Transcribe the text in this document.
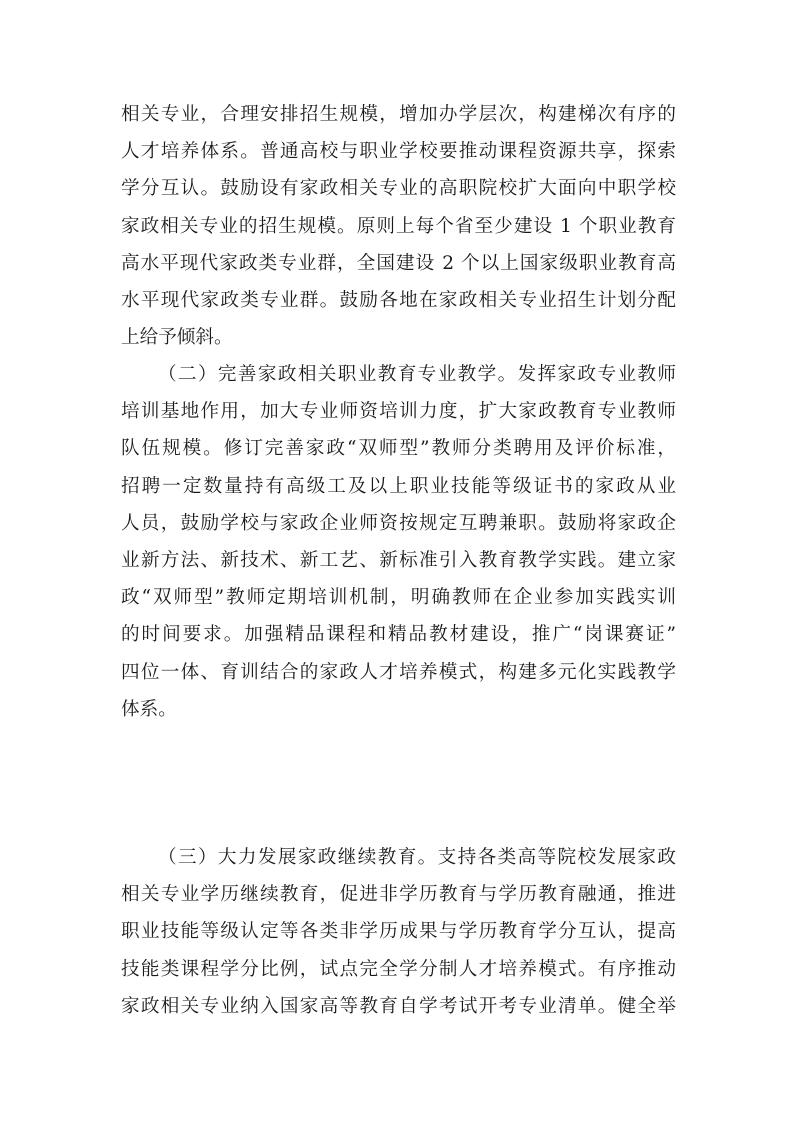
相关专业，合理安排招生规模，增加办学层次，构建梯次有序的
人才培养体系。普通高校与职业学校要推动课程资源共享，探索
学分互认。鼓励设有家政相关专业的高职院校扩大面向中职学校
家政相关专业的招生规模。原则上每个省至少建设 1 个职业教育
高水平现代家政类专业群，全国建设 2 个以上国家级职业教育高
水平现代家政类专业群。鼓励各地在家政相关专业招生计划分配
上给予倾斜。
（二）完善家政相关职业教育专业教学。发挥家政专业教师
培训基地作用，加大专业师资培训力度，扩大家政教育专业教师
队伍规模。修订完善家政“双师型”教师分类聘用及评价标准，
招聘一定数量持有高级工及以上职业技能等级证书的家政从业
人员，鼓励学校与家政企业师资按规定互聘兼职。鼓励将家政企
业新方法、新技术、新工艺、新标准引入教育教学实践。建立家
政“双师型”教师定期培训机制，明确教师在企业参加实践实训
的时间要求。加强精品课程和精品教材建设，推广“岗课赛证”
四位一体、育训结合的家政人才培养模式，构建多元化实践教学
体系。
（三）大力发展家政继续教育。支持各类高等院校发展家政
相关专业学历继续教育，促进非学历教育与学历教育融通，推进
职业技能等级认定等各类非学历成果与学历教育学分互认，提高
技能类课程学分比例，试点完全学分制人才培养模式。有序推动
家政相关专业纳入国家高等教育自学考试开考专业清单。健全举
